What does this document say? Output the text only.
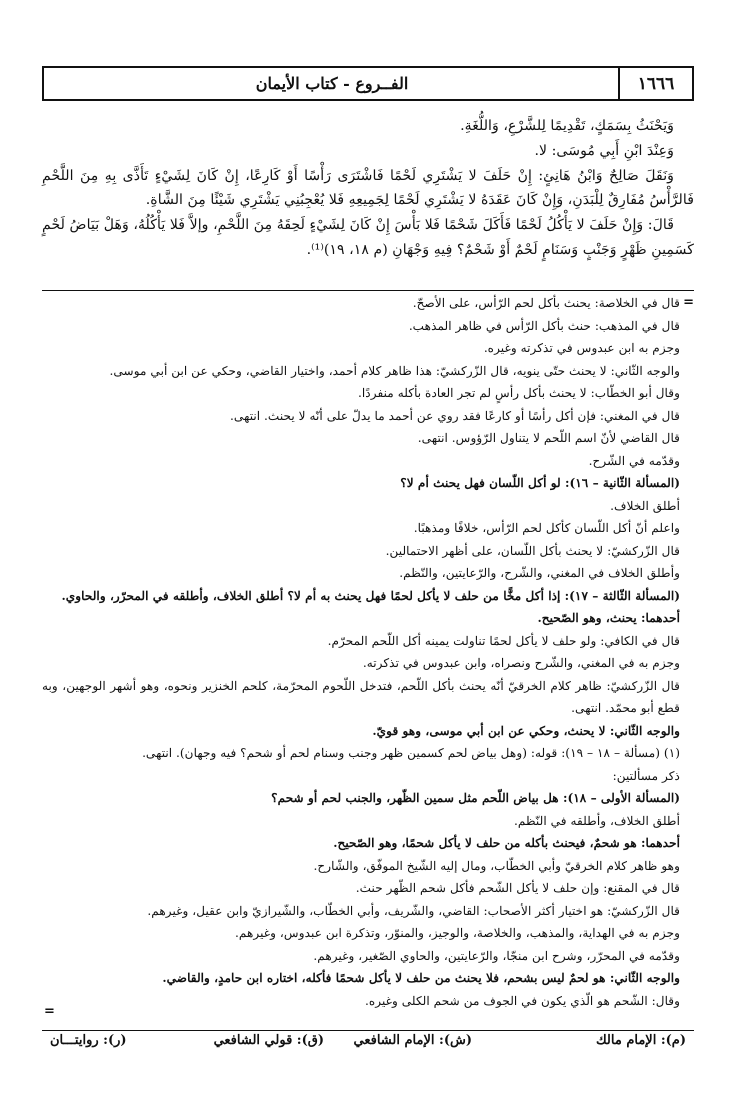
١٦٦٦
الفــروع - كتاب الأيمان

وَيَحْنَثُ بِسَمَكٍ، تَقْدِيمًا لِلشَّرْعِ، وَاللُّغَةِ.

وَعِنْدَ ابْنِ أَبِي مُوسَى: لا.

وَنَقَلَ صَالِحٌ وَابْنُ هَانِئٍ: إِنْ حَلَفَ لا يَشْتَرِي لَحْمًا فَاشْتَرَى رَأْسًا أَوْ كَارِعًا، إِنْ كَانَ لِشَيْءٍ تَأَذَّى بِهِ مِنَ اللَّحْمِ فَالرَّأْسُ مُفَارِقٌ لِلْبَدَنِ، وَإِنْ كَانَ عَقَدَهُ لا يَشْتَرِي لَحْمًا لِجَمِيعِهِ فَلا يُعْجِبُنِي يَشْتَرِي شَيْئًا مِنَ الشَّاةِ.

قَالَ: وَإِنْ حَلَفَ لا يَأْكُلُ لَحْمًا فَأَكَلَ شَحْمًا فَلا بَأْسَ إِنْ كَانَ لِشَيْءٍ لَحِقَهُ مِنَ اللَّحْمِ، وإلاَّ فَلا يَأْكُلُهُ، وَهَلْ بَيَاضُ لَحْمٍ كَسَمِينِ ظَهْرٍ وَجَنْبٍ وَسَنَامٍ لَحْمٌ أَوْ شَحْمٌ؟ فِيهِ وَجْهَانِ (م ١٨، ١٩)⁽¹⁾.

=

قال في الخلاصة: يحنث بأكل لحم الرّأس، على الأصحّ.

قال في المذهب: حنث بأكل الرّأس في ظاهر المذهب.

وجزم به ابن عبدوس في تذكرته وغيره.

والوجه الثّاني: لا يحنث حتّى ينويه، قال الزّركشيّ: هذا ظاهر كلام أحمد، واختيار القاضي، وحكي عن ابن أبي موسى.

وقال أبو الخطّاب: لا يحنث بأكل رأسٍ لم تجر العادة بأكله منفردًا.

قال في المغني: فإن أكل رأسًا أو كارعًا فقد روي عن أحمد ما يدلّ على أنّه لا يحنث. انتهى.

قال القاضي لأنّ اسم اللّحم لا يتناول الرّؤوس. انتهى.

وقدّمه في الشّرح.

(المسألة الثّانية – ١٦): لو أكل اللّسان فهل يحنث أم لا؟

أطلق الخلاف.

واعلم أنّ أكل اللّسان كأكل لحم الرّأس، خلافًا ومذهبًا.

قال الزّركشيّ: لا يحنث بأكل اللّسان، على أظهر الاحتمالين.

وأطلق الخلاف في المغني، والشّرح، والرّعايتين، والنّظم.

(المسألة الثّالثة – ١٧): إذا أكل مخًّا من حلف لا يأكل لحمًا فهل يحنث به أم لا؟ أطلق الخلاف، وأطلقه في المحرّر، والحاوي.

أحدهما: يحنث، وهو الصّحيح.

قال في الكافي: ولو حلف لا يأكل لحمًا تناولت يمينه أكل اللّحم المحرّم.

وجزم به في المغني، والشّرح ونصراه، وابن عبدوس في تذكرته.

قال الزّركشيّ: ظاهر كلام الخرقيّ أنّه يحنث بأكل اللّحم، فتدخل اللّحوم المحرّمة، كلحم الخنزير ونحوه، وهو أشهر الوجهين، وبه قطع أبو محمّد. انتهى.

والوجه الثّاني: لا يحنث، وحكي عن ابن أبي موسى، وهو قويّ.

(١) (مسألة – ١٨ – ١٩): قوله: (وهل بياض لحم كسمين ظهر وجنب وسنام لحم أو شحم؟ فيه وجهان). انتهى.

ذكر مسألتين:

(المسألة الأولى – ١٨): هل بياض اللّحم مثل سمين الظّهر، والجنب لحم أو شحم؟

أطلق الخلاف، وأطلقه في النّظم.

أحدهما: هو شحمٌ، فيحنث بأكله من حلف لا يأكل شحمًا، وهو الصّحيح.

وهو ظاهر كلام الخرقيّ وأبي الخطّاب، ومال إليه الشّيخ الموفّق، والشّارح.

قال في المقنع: وإن حلف لا يأكل الشّحم فأكل شحم الظّهر حنث.

قال الزّركشيّ: هو اختيار أكثر الأصحاب: القاضي، والشّريف، وأبي الخطّاب، والشّيرازيّ وابن عقيل، وغيرهم.

وجزم به في الهداية، والمذهب، والخلاصة، والوجيز، والمنوّر، وتذكرة ابن عبدوس، وغيرهم.

وقدّمه في المحرّر، وشرح ابن منجّا، والرّعايتين، والحاوي الصّغير، وغيرهم.

والوجه الثّاني: هو لحمٌ ليس بشحم، فلا يحنث من حلف لا يأكل شحمًا فأكله، اختاره ابن حامدٍ، والقاضي.

وقال: الشّحم هو الّذي يكون في الجوف من شحم الكلى وغيره.

=
(م): الإمام مالك
(ش): الإمام الشافعي
(ق): قولي الشافعي
(ر): روايتـــان
